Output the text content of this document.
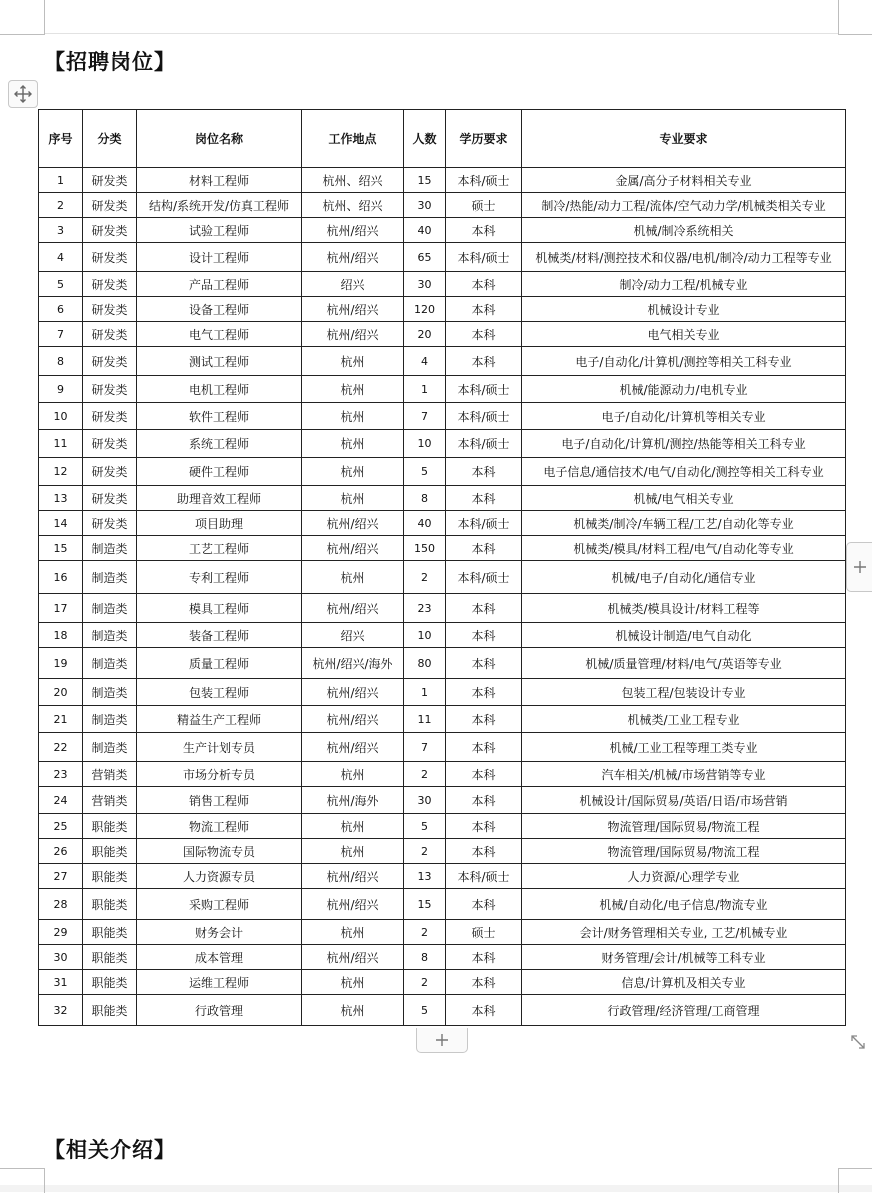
【招聘岗位】
序号	分类	岗位名称	工作地点	人数	学历要求	专业要求
1	研发类	材料工程师	杭州、绍兴	15	本科/硕士	金属/高分子材料相关专业
2	研发类	结构/系统开发/仿真工程师	杭州、绍兴	30	硕士	制冷/热能/动力工程/流体/空气动力学/机械类相关专业
3	研发类	试验工程师	杭州/绍兴	40	本科	机械/制冷系统相关
4	研发类	设计工程师	杭州/绍兴	65	本科/硕士	机械类/材料/测控技术和仪器/电机/制冷/动力工程等专业
5	研发类	产品工程师	绍兴	30	本科	制冷/动力工程/机械专业
6	研发类	设备工程师	杭州/绍兴	120	本科	机械设计专业
7	研发类	电气工程师	杭州/绍兴	20	本科	电气相关专业
8	研发类	测试工程师	杭州	4	本科	电子/自动化/计算机/测控等相关工科专业
9	研发类	电机工程师	杭州	1	本科/硕士	机械/能源动力/电机专业
10	研发类	软件工程师	杭州	7	本科/硕士	电子/自动化/计算机等相关专业
11	研发类	系统工程师	杭州	10	本科/硕士	电子/自动化/计算机/测控/热能等相关工科专业
12	研发类	硬件工程师	杭州	5	本科	电子信息/通信技术/电气/自动化/测控等相关工科专业
13	研发类	助理音效工程师	杭州	8	本科	机械/电气相关专业
14	研发类	项目助理	杭州/绍兴	40	本科/硕士	机械类/制冷/车辆工程/工艺/自动化等专业
15	制造类	工艺工程师	杭州/绍兴	150	本科	机械类/模具/材料工程/电气/自动化等专业
16	制造类	专利工程师	杭州	2	本科/硕士	机械/电子/自动化/通信专业
17	制造类	模具工程师	杭州/绍兴	23	本科	机械类/模具设计/材料工程等
18	制造类	装备工程师	绍兴	10	本科	机械设计制造/电气自动化
19	制造类	质量工程师	杭州/绍兴/海外	80	本科	机械/质量管理/材料/电气/英语等专业
20	制造类	包装工程师	杭州/绍兴	1	本科	包装工程/包装设计专业
21	制造类	精益生产工程师	杭州/绍兴	11	本科	机械类/工业工程专业
22	制造类	生产计划专员	杭州/绍兴	7	本科	机械/工业工程等理工类专业
23	营销类	市场分析专员	杭州	2	本科	汽车相关/机械/市场营销等专业
24	营销类	销售工程师	杭州/海外	30	本科	机械设计/国际贸易/英语/日语/市场营销
25	职能类	物流工程师	杭州	5	本科	物流管理/国际贸易/物流工程
26	职能类	国际物流专员	杭州	2	本科	物流管理/国际贸易/物流工程
27	职能类	人力资源专员	杭州/绍兴	13	本科/硕士	人力资源/心理学专业
28	职能类	采购工程师	杭州/绍兴	15	本科	机械/自动化/电子信息/物流专业
29	职能类	财务会计	杭州	2	硕士	会计/财务管理相关专业, 工艺/机械专业
30	职能类	成本管理	杭州/绍兴	8	本科	财务管理/会计/机械等工科专业
31	职能类	运维工程师	杭州	2	本科	信息/计算机及相关专业
32	职能类	行政管理	杭州	5	本科	行政管理/经济管理/工商管理
【相关介绍】
